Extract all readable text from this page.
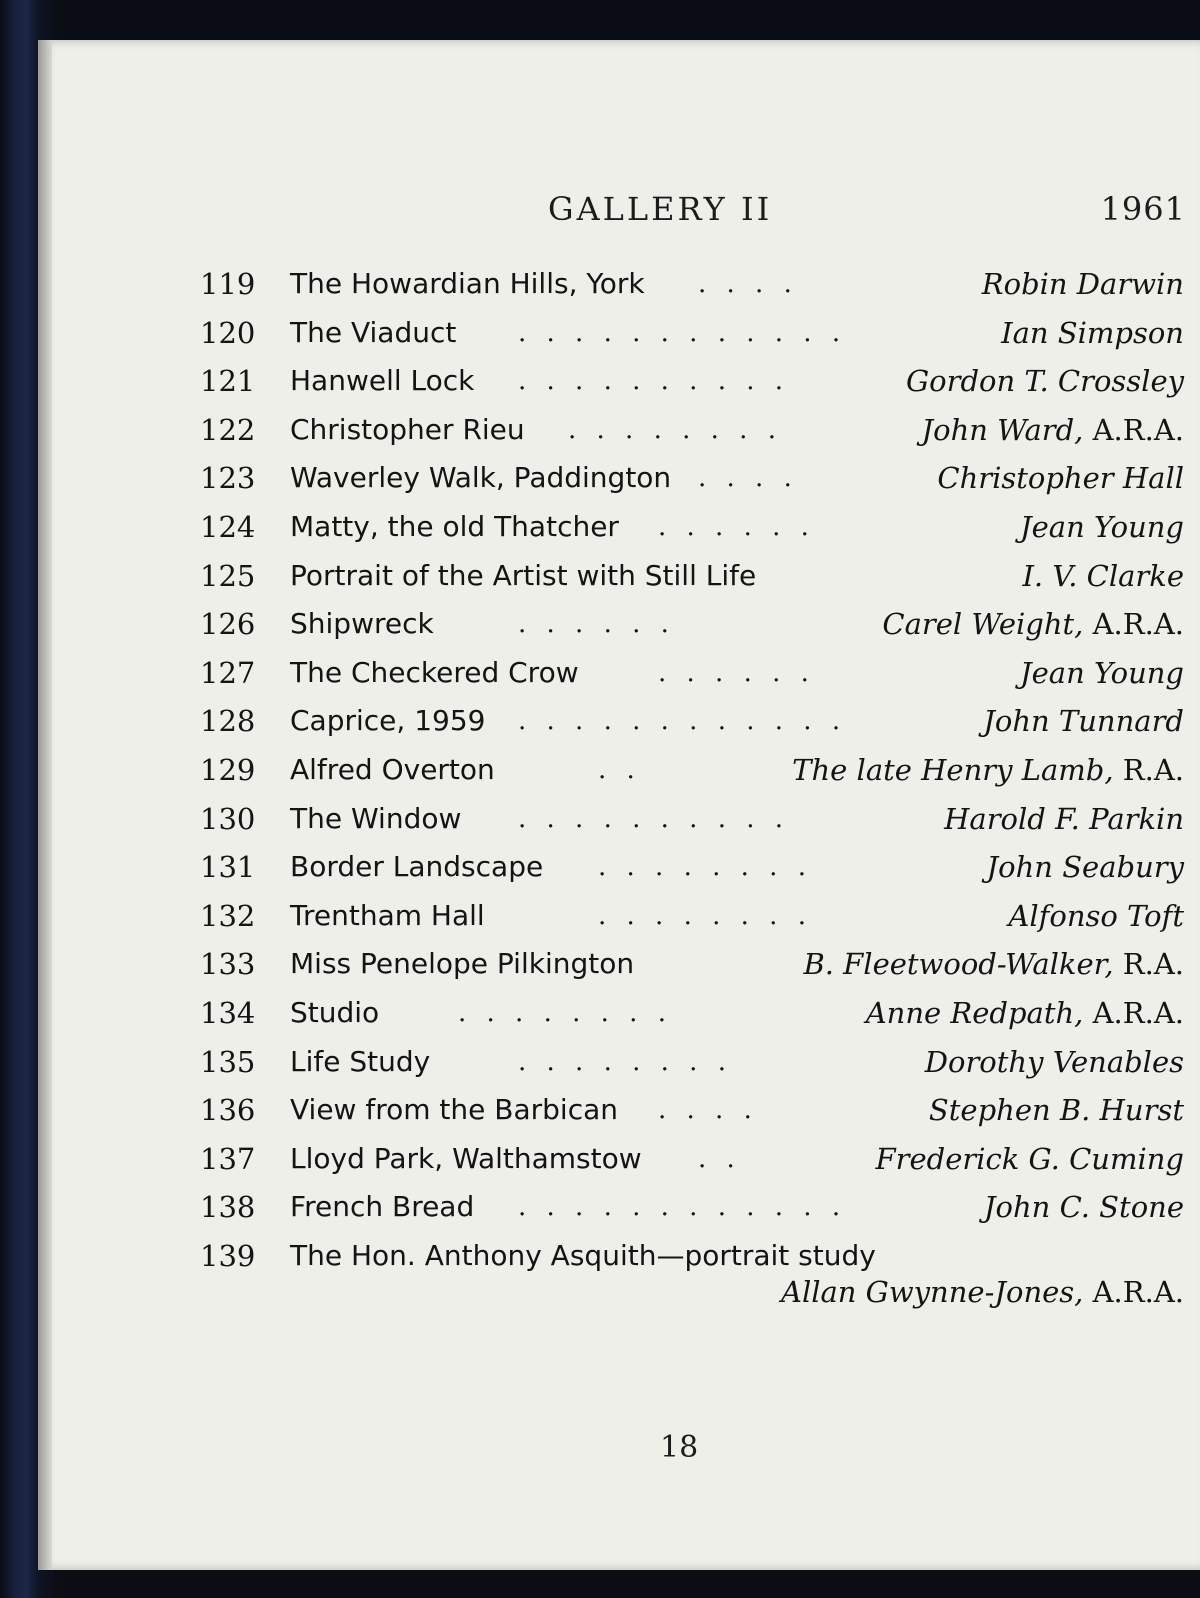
GALLERY II	1961
119 The Howardian Hills, York . . . .	Robin Darwin
120 The Viaduct . . . . . . . . . . . .	Ian Simpson
121 Hanwell Lock . . . . . . . . . .	Gordon T. Crossley
122 Christopher Rieu . . . . . . . .	John Ward, A.R.A.
123 Waverley Walk, Paddington . . . .	Christopher Hall
124 Matty, the old Thatcher . . . . . .	Jean Young
125 Portrait of the Artist with Still Life	I. V. Clarke
126 Shipwreck	. . . . . .	Carel Weight, A.R.A.
127 The Checkered Crow	. . . . . .	Jean Young
128 Caprice, 1959 . . . . . . . . . . . .	John Tunnard
129 Alfred Overton	. .	The late Henry Lamb, R.A.
130 The Window . . . . . . . . . .	Harold F. Parkin
131 Border Landscape . . . . . . . .	John Seabury
132 Trentham Hall	. . . . . . . .	Alfonso Toft
133 Miss Penelope Pilkington	B. Fleetwood-Walker, R.A.
134 Studio	. . . . . . . .	Anne Redpath, A.R.A.
135 Life Study	. . . . . . . .	Dorothy Venables
136 View from the Barbican . . . .	Stephen B. Hurst
137 Lloyd Park, Walthamstow . .	Frederick G. Cuming
138 French Bread . . . . . . . . . . . .	John C. Stone
139 The Hon. Anthony Asquith—portrait study
Allan Gwynne-Jones, A.R.A.
18
